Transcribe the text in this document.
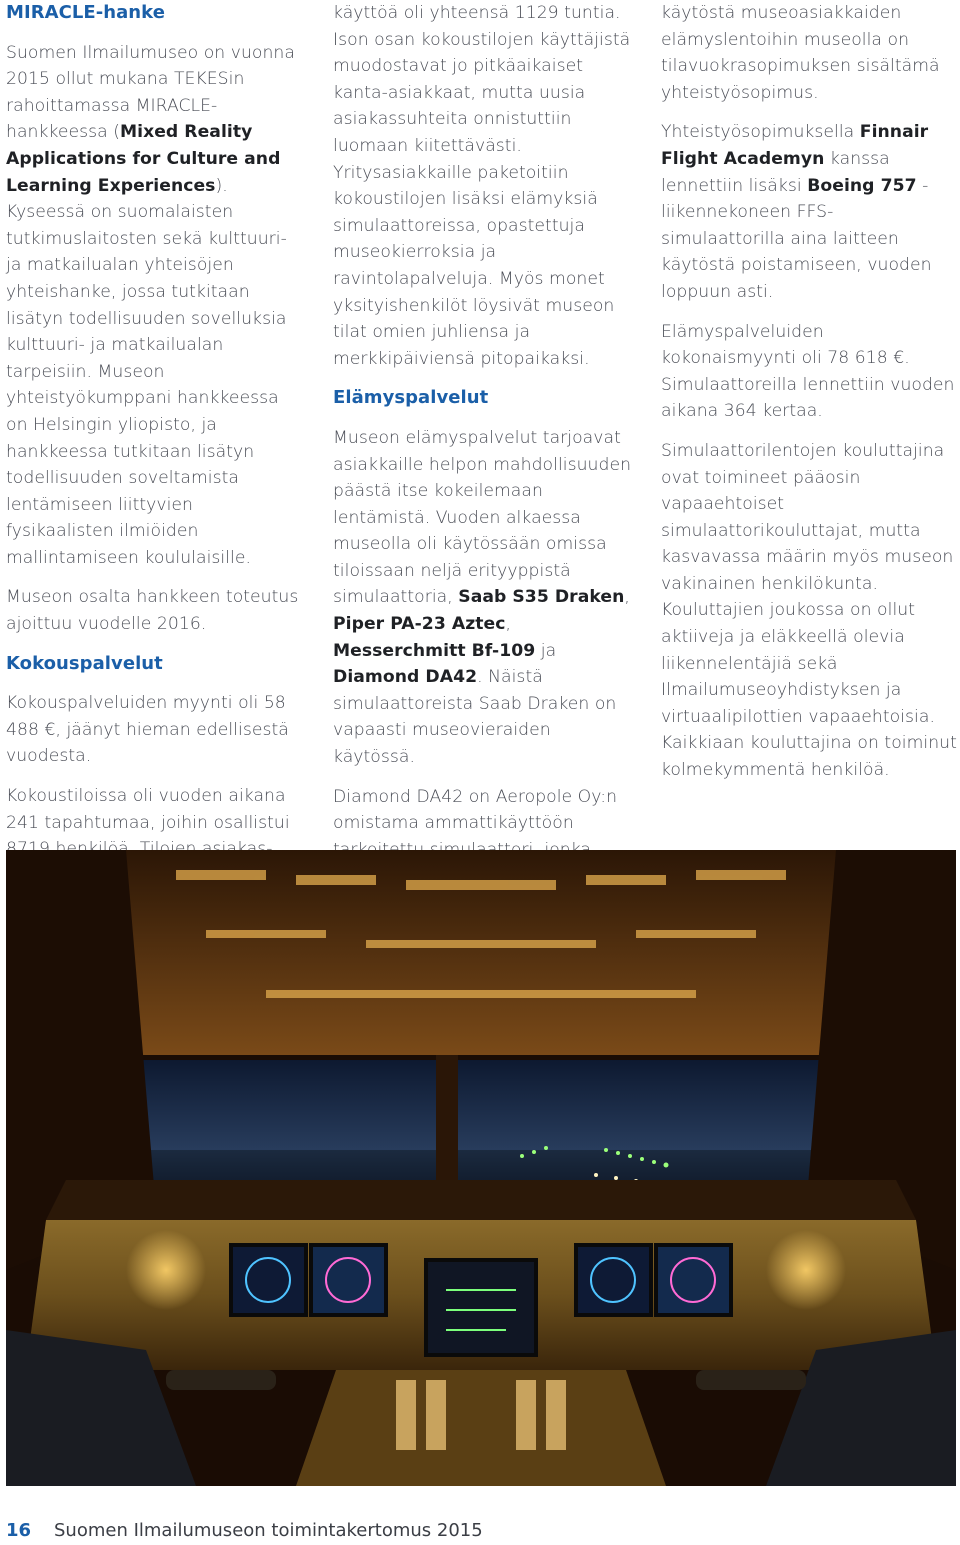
MIRACLE-hanke

Suomen Ilmailumuseo on vuonna 2015 ollut mukana TEKESin rahoittamassa MIRACLE-hankkeessa (Mixed Reality Applications for Culture and Learning Experiences). Kyseessä on suomalaisten tutkimuslaitosten sekä kulttuuri- ja matkailualan yhteisöjen yhteishanke, jossa tutkitaan lisätyn todellisuuden sovelluksia kulttuuri- ja matkailualan tarpeisiin. Museon yhteistyökumppani hankkeessa on Helsingin yliopisto, ja hankkeessa tutkitaan lisätyn todellisuuden soveltamista lentämiseen liittyvien fysikaalisten ilmiöiden mallintamiseen koululaisille.

Museon osalta hankkeen toteutus ajoittuu vuodelle 2016.

Kokouspalvelut

Kokouspalveluiden myynti oli 58 488 €, jäänyt hieman edellisestä vuodesta.

Kokoustiloissa oli vuoden aikana 241 tapahtumaa, joihin osallistui

käyttöä oli yhteensä 1129 tuntia. Ison osan kokoustilojen käyttäjistä muodostavat jo pitkäaikaiset kanta-asiakkaat, mutta uusia asiakassuhteita onnistuttiin luomaan kiitettävästi. Yritysasiakkaille paketoitiin kokoustilojen lisäksi elämyksiä simulaattoreissa, opastettuja museokierroksia ja ravintolapalveluja. Myös monet yksityishenkilöt löysivät museon tilat omien juhliensa ja merkkipäiviensä pitopaikaksi.

Elämyspalvelut

Museon elämyspalvelut tarjoavat asiakkaille helpon mahdollisuuden päästä itse kokeilemaan lentämistä. Vuoden alkaessa museolla oli käytössään omissa tiloissaan neljä erityyppistä simulaattoria, Saab S35 Draken, Piper PA-23 Aztec, Messerchmitt Bf-109 ja Diamond DA42. Näistä simulaattoreista Saab Draken on vapaasti museovieraiden käytössä.

Diamond DA42 on Aeropole Oy:n omistama ammattikäyttöön

käytöstä museoasiakkaiden elämyslentoihin museolla on tilavuokrasopimuksen sisältämä yhteistyösopimus.

Yhteistyösopimuksella Finnair Flight Academyn kanssa lennettiin lisäksi Boeing 757 -liikennekoneen FFS-simulaattorilla aina laitteen käytöstä poistamiseen, vuoden loppuun asti.

Elämyspalveluiden kokonaismyynti oli 78 618 €. Simulaattoreilla lennettiin vuoden aikana 364 kertaa.

Simulaattorilentojen kouluttajina ovat toimineet pääosin vapaaehtoiset simulaattorikouluttajat, mutta kasvavassa määrin myös museon vakinainen henkilökunta. Kouluttajien joukossa on ollut aktiiveja ja eläkkeellä olevia liikennelentäjiä sekä Ilmailumuseoyhdistyksen ja virtuaalipilottien vapaaehtoisia. Kaikkiaan kouluttajina on toiminut kolmekymmentä henkilöä.

16 Suomen Ilmailumuseon toimintakertomus 2015
